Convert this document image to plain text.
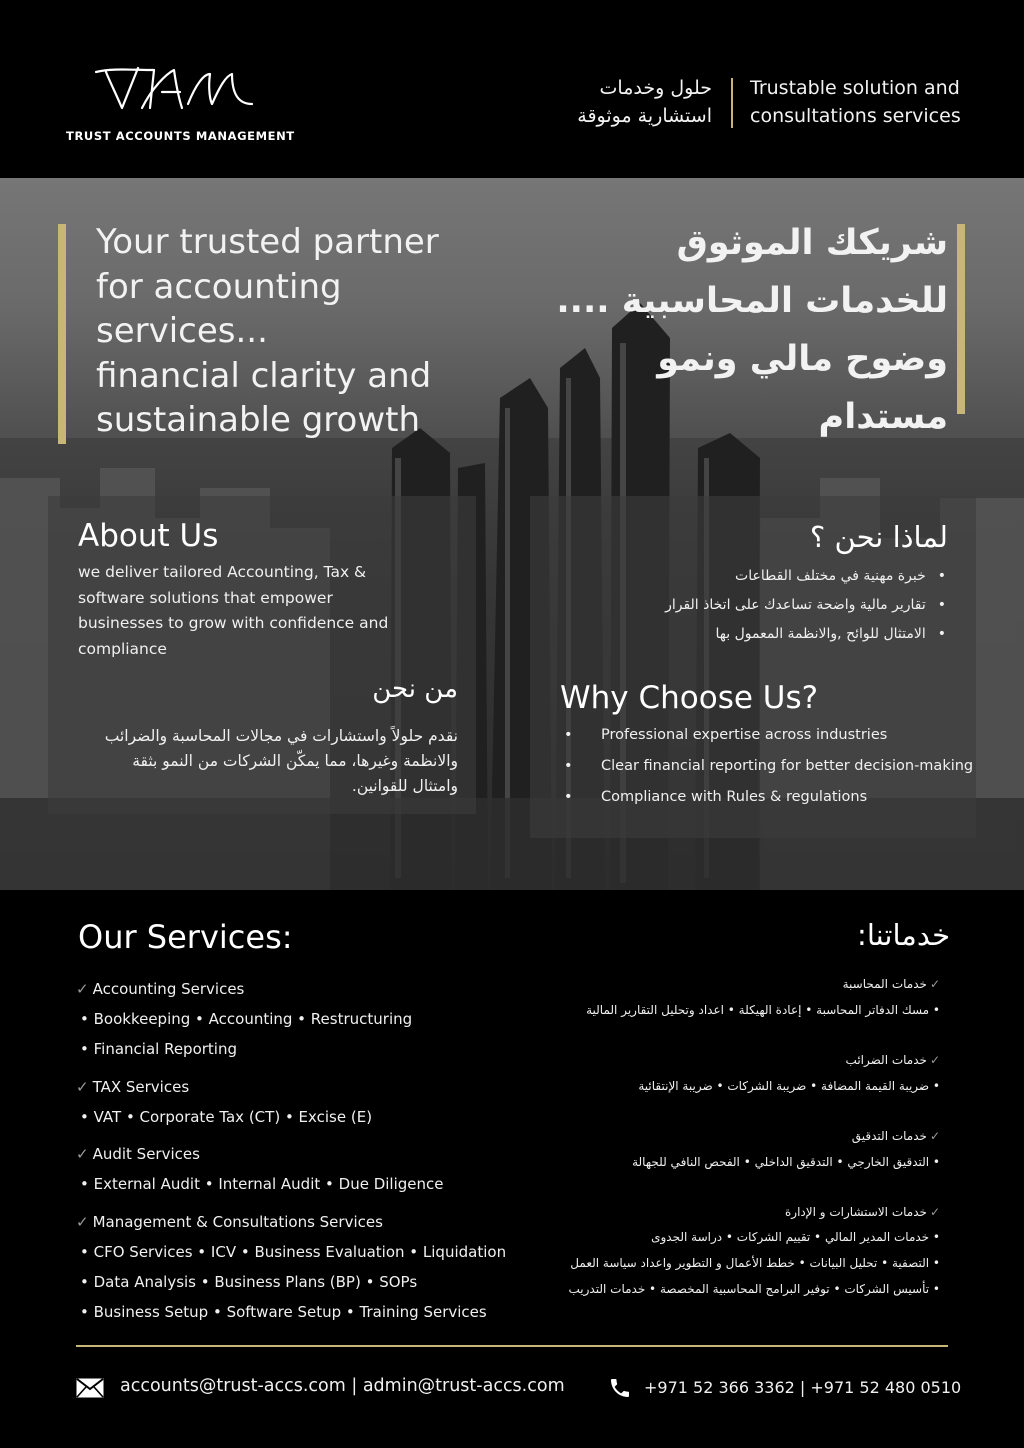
TRUST ACCOUNTS MANAGEMENT
حلول وخدمات
استشارية موثوقة
Trustable solution and
consultations services
Your trusted partner
for accounting
services...
financial clarity and
sustainable growth
شريكك الموثوق
للخدمات المحاسبية ....
وضوح مالي ونمو
مستدام
About Us
we deliver tailored Accounting, Tax & software solutions that empower businesses to grow with confidence and compliance
من نحن
نقدم حلولاً واستشارات في مجالات المحاسبة والضرائب والانظمة وغيرها، مما يمكّن الشركات من النمو بثقة وامتثال للقوانين.
لماذا نحن ؟
• خبرة مهنية في مختلف القطاعات
• تقارير مالية واضحة تساعدك على اتخاذ القرار
• الامتثال للوائح ,والانظمة المعمول بها
Why Choose Us?
• Professional expertise across industries
• Clear financial reporting for better decision-making
• Compliance with Rules & regulations
Our Services:	خدماتنا:
✓ Accounting Services
• Bookkeeping • Accounting • Restructuring
• Financial Reporting
✓ TAX Services
• VAT • Corporate Tax (CT) • Excise (E)
✓ Audit Services
• External Audit • Internal Audit • Due Diligence
✓ Management & Consultations Services
• CFO Services • ICV • Business Evaluation • Liquidation
• Data Analysis • Business Plans (BP) • SOPs
• Business Setup • Software Setup • Training Services
✓خدمات المحاسبة
• مسك الدفاتر المحاسبة • إعادة الهيكلة • اعداد وتحليل التقارير المالية
✓خدمات الضرائب
• ضريبة القيمة المضافة • ضريبة الشركات • ضريبة الإنتقائية
✓خدمات التدقيق
• التدقيق الخارجي • التدقيق الداخلي • الفحص النافي للجهالة
✓خدمات الاستشارات و الإدارة
• خدمات المدير المالي • تقييم الشركات • دراسة الجدوى
• التصفية • تحليل البيانات • خطط الأعمال و التطوير واعداد سياسة العمل
• تأسيس الشركات • توفير البرامج المحاسبية المخصصة • خدمات التدريب
accounts@trust-accs.com | admin@trust-accs.com	+971 52 366 3362 | +971 52 480 0510
